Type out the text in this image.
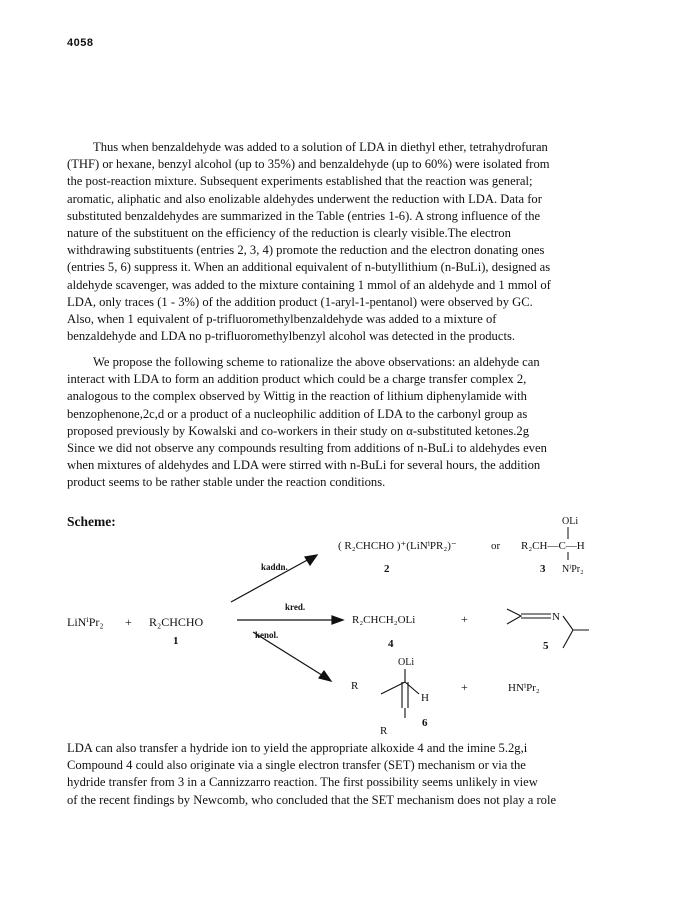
4058

Thus when benzaldehyde was added to a solution of LDA in diethyl ether, tetrahydrofuran
(THF) or hexane, benzyl alcohol (up to 35%) and benzaldehyde (up to 60%) were isolated from
the post-reaction mixture. Subsequent experiments established that the reaction was general;
aromatic, aliphatic and also enolizable aldehydes underwent the reduction with LDA. Data for
substituted benzaldehydes are summarized in the Table (entries 1-6). A strong influence of the
nature of the substituent on the efficiency of the reduction is clearly visible.The electron
withdrawing substituents (entries 2, 3, 4) promote the reduction and the electron donating ones
(entries 5, 6) suppress it. When an additional equivalent of n-butyllithium (n-BuLi), designed as
aldehyde scavenger, was added to the mixture containing 1 mmol of an aldehyde and 1 mmol of
LDA, only traces (1 - 3%) of the addition product (1-aryl-1-pentanol) were observed by GC.
Also, when 1 equivalent of p-trifluoromethylbenzaldehyde was added to a mixture of
benzaldehyde and LDA no p-trifluoromethylbenzyl alcohol was detected in the products.

We propose the following scheme to rationalize the above observations: an aldehyde can
interact with LDA to form an addition product which could be a charge transfer complex 2,
analogous to the complex observed by Wittig in the reaction of lithium diphenylamide with
benzophenone,2c,d or a product of a nucleophilic addition of LDA to the carbonyl group as
proposed previously by Kowalski and co-workers in their study on α-substituted ketones.2g
Since we did not observe any compounds resulting from additions of n-BuLi to aldehydes even
when mixtures of aldehydes and LDA were stirred with n-BuLi for several hours, the addition
product seems to be rather stable under the reaction conditions.

Scheme:
LiNⁱPr₂ + R₂CHCHO
1
kaddn.
kred.
kenol.
( R₂CHCHO )⁺(LiNⁱPR₂)⁻
2
or
OLi
R₂CH—C—H
NⁱPr₂
3
R₂CHCH₂OLi
4
+	N
5
OLi
R
H
R
6
+	HNⁱPr₂

LDA can also transfer a hydride ion to yield the appropriate alkoxide 4 and the imine 5.2g,i
Compound 4 could also originate via a single electron transfer (SET) mechanism or via the
hydride transfer from 3 in a Cannizzarro reaction. The first possibility seems unlikely in view
of the recent findings by Newcomb, who concluded that the SET mechanism does not play a role
